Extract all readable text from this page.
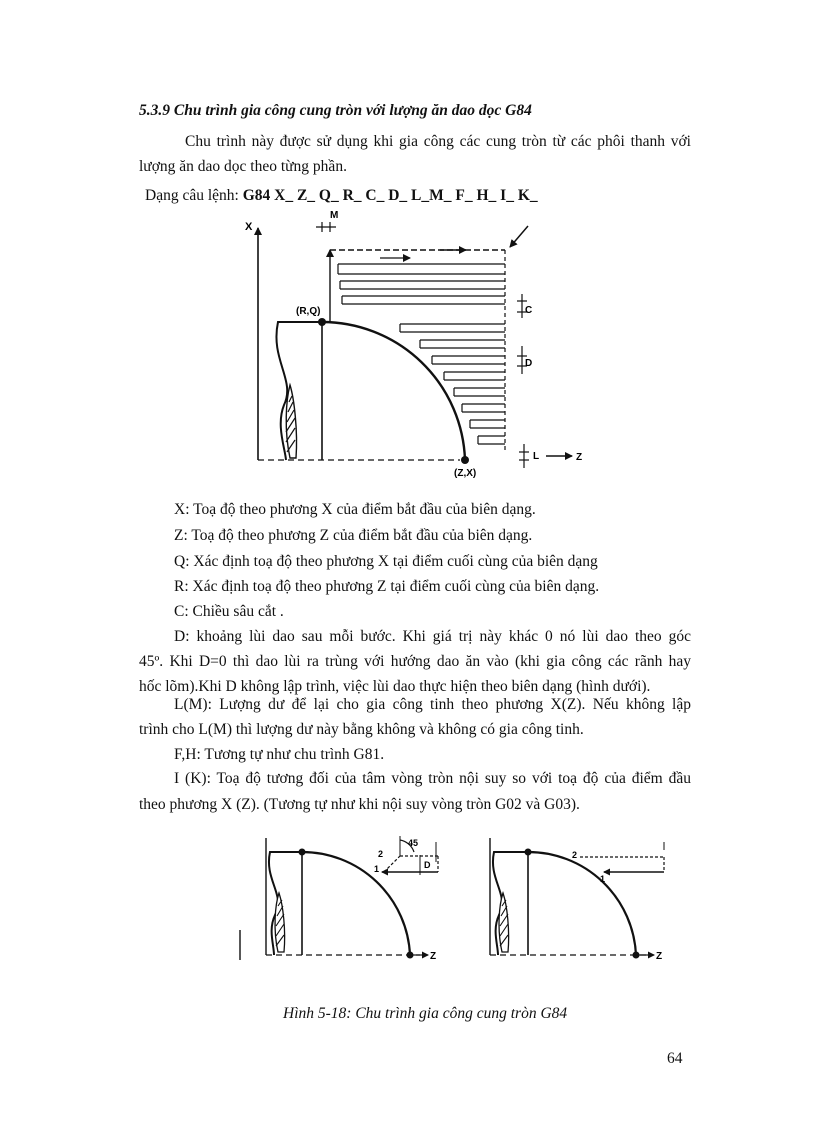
5.3.9 Chu trình gia công cung tròn với lượng ăn dao dọc G84
Chu trình này được sử dụng khi gia công các cung tròn từ các phôi thanh với
lượng ăn dao dọc theo từng phần.
Dạng câu lệnh: G84 X_ Z_ Q_ R_ C_ D_ L_M_ F_ H_ I_ K_
X
(R,Q)
(Z,X)
M
C
D
L	Z
X: Toạ độ theo phương X của điểm bắt đầu của biên dạng.
Z: Toạ độ theo phương Z của điểm bắt đầu của biên dạng.
Q: Xác định toạ độ theo phương X tại điểm cuối cùng của biên dạng
R: Xác định toạ độ theo phương Z tại điểm cuối cùng của biên dạng.
C: Chiều sâu cắt .
D: khoảng lùi dao sau mỗi bước. Khi giá trị này khác 0 nó lùi dao theo góc
45º. Khi D=0 thì dao lùi ra trùng với hướng dao ăn vào (khi gia công các rãnh hay
hốc lõm).Khi D không lập trình, việc lùi dao thực hiện theo biên dạng (hình dưới).
L(M): Lượng dư để lại cho gia công tinh theo phương X(Z). Nếu không lập
trình cho L(M) thì lượng dư này bằng không và không có gia công tinh.
F,H: Tương tự như chu trình G81.
I (K): Toạ độ tương đối của tâm vòng tròn nội suy so với toạ độ của điểm đầu
theo phương X (Z). (Tương tự như khi nội suy vòng tròn G02 và G03).
Z
45
1
2
D
Z
1
2
Hình 5-18: Chu trình gia công cung tròn G84
64
